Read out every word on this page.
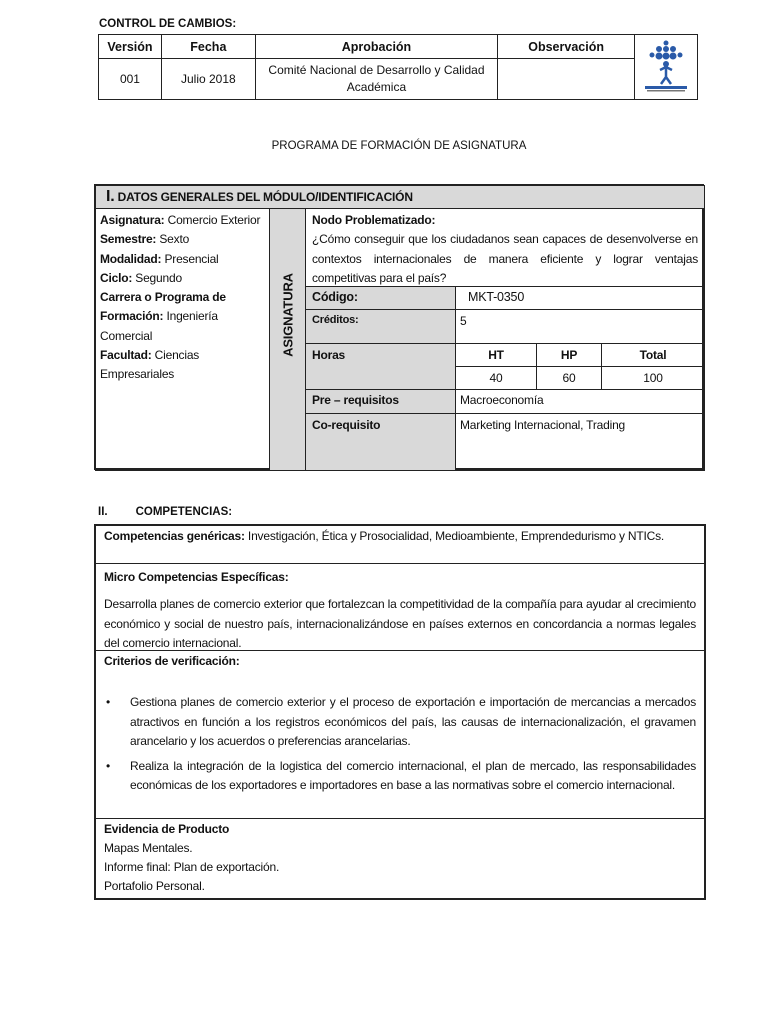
CONTROL DE CAMBIOS:
Versión	Fecha	Aprobación	Observación	
001	Julio 2018	Comité Nacional de Desarrollo y Calidad Académica		
PROGRAMA DE FORMACIÓN DE ASIGNATURA
I. DATOS GENERALES DEL MÓDULO/IDENTIFICACIÓN
Asignatura: Comercio Exterior
Semestre: Sexto
Modalidad: Presencial
Ciclo: Segundo
Carrera o Programa de Formación: Ingeniería Comercial
Facultad: Ciencias Empresariales
ASIGNATURA
Nodo Problematizado:
¿Cómo conseguir que los ciudadanos sean capaces de desenvolverse en contextos internacionales de manera eficiente y lograr ventajas competitivas para el país?
Código:	MKT-0350
Créditos:	5
Horas	HT	HP	Total
40	60	100
Pre – requisitos	Macroeconomía
Co-requisito	Marketing Internacional, Trading
II. COMPETENCIAS:
Competencias genéricas: Investigación, Ética y Prosocialidad, Medioambiente, Emprendedurismo y NTICs.
Micro Competencias Específicas:
Desarrolla planes de comercio exterior que fortalezcan la competitividad de la compañía para ayudar al crecimiento económico y social de nuestro país, internacionalizándose en países externos en concordancia a normas legales del comercio internacional.
Criterios de verificación:
• Gestiona planes de comercio exterior y el proceso de exportación e importación de mercancias a mercados atractivos en función a los registros económicos del país, las causas de internacionalización, el gravamen arancelario y los acuerdos o preferencias arancelarias.
• Realiza la integración de la logistica del comercio internacional, el plan de mercado, las responsabilidades económicas de los exportadores e importadores en base a las normativas sobre el comercio internacional.
Evidencia de Producto
Mapas Mentales.
Informe final: Plan de exportación.
Portafolio Personal.
